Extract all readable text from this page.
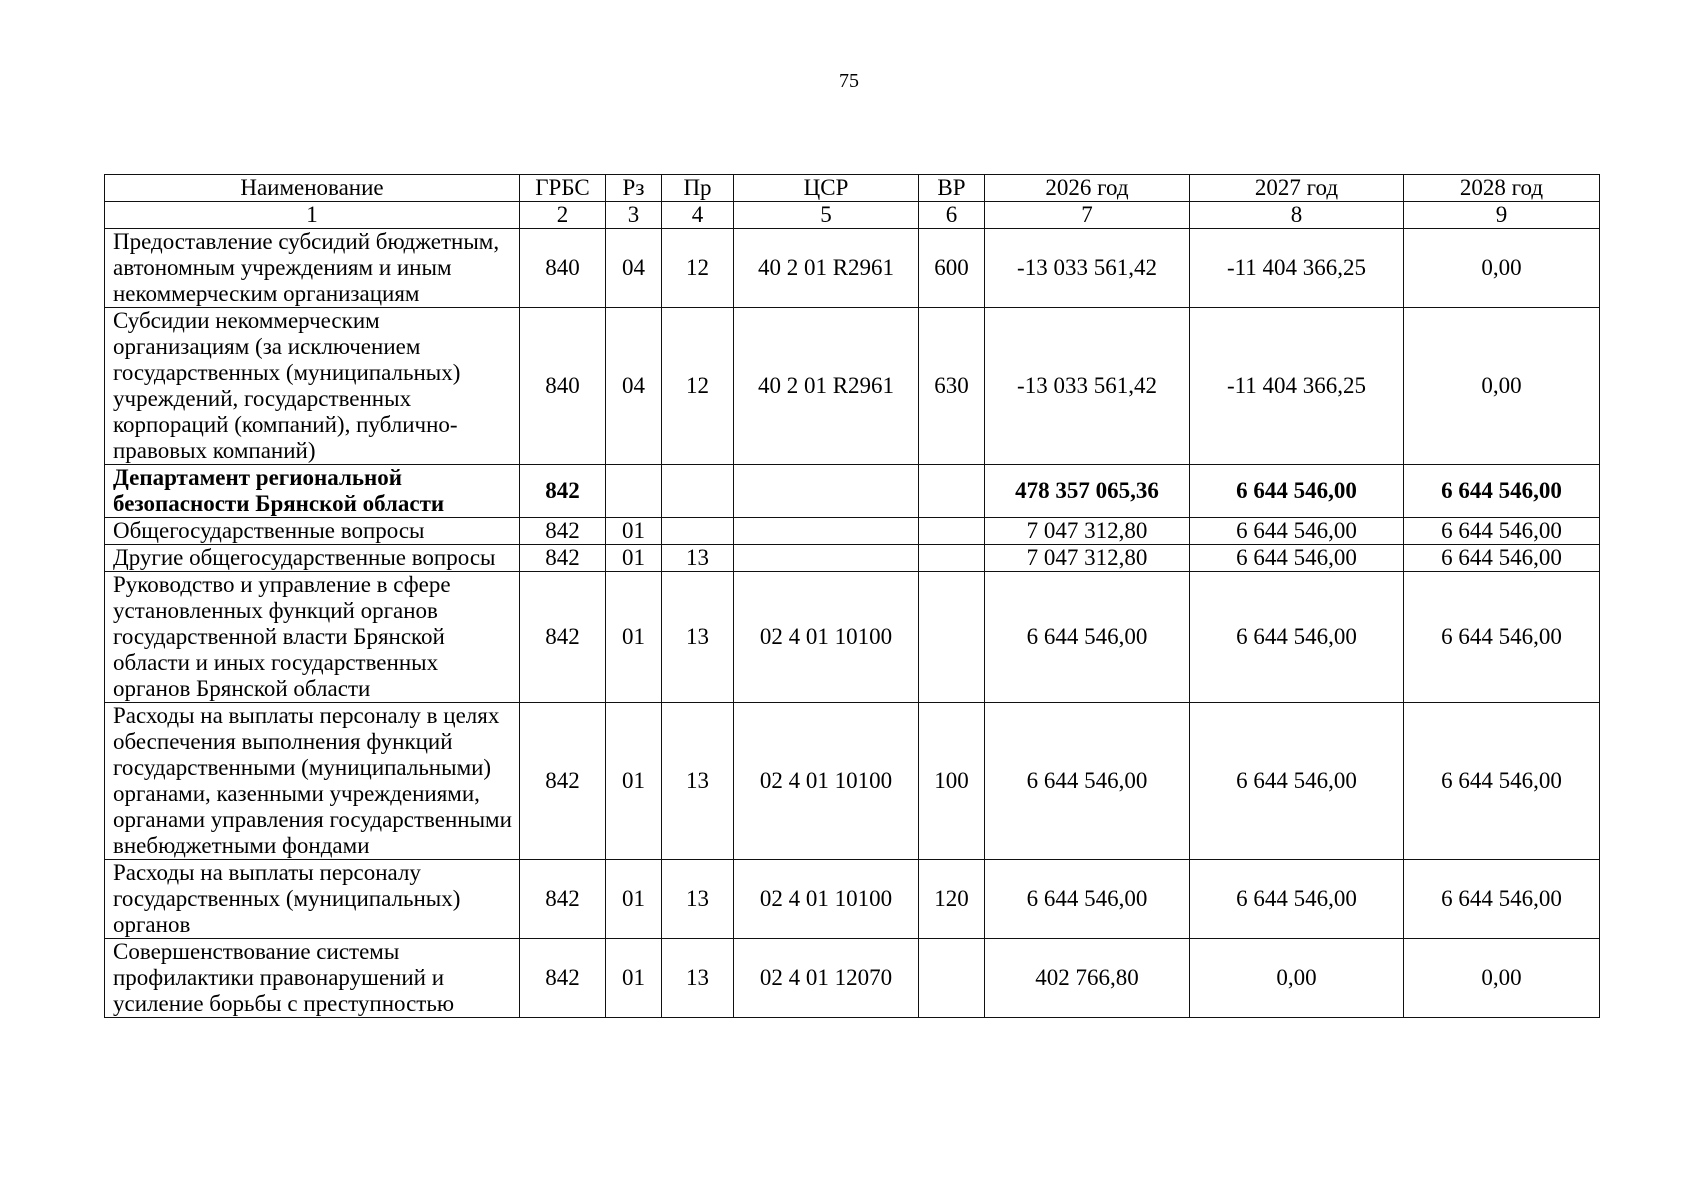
75
Наименование	ГРБС	Рз	Пр	ЦСР	ВР	2026 год	2027 год	2028 год
1	2	3	4	5	6	7	8	9
Предоставление субсидий бюджетным, автономным учреждениям и иным некоммерческим организациям	840	04	12	40 2 01 R2961	600	-13 033 561,42	-11 404 366,25	0,00
Субсидии некоммерческим организациям (за исключением государственных (муниципальных) учреждений, государственных корпораций (компаний), публично-правовых компаний)	840	04	12	40 2 01 R2961	630	-13 033 561,42	-11 404 366,25	0,00
Департамент региональной безопасности Брянской области	842					478 357 065,36	6 644 546,00	6 644 546,00
Общегосударственные вопросы	842	01				7 047 312,80	6 644 546,00	6 644 546,00
Другие общегосударственные вопросы	842	01	13			7 047 312,80	6 644 546,00	6 644 546,00
Руководство и управление в сфере установленных функций органов государственной власти Брянской области и иных государственных органов Брянской области	842	01	13	02 4 01 10100		6 644 546,00	6 644 546,00	6 644 546,00
Расходы на выплаты персоналу в целях обеспечения выполнения функций государственными (муниципальными) органами, казенными учреждениями, органами управления государственными внебюджетными фондами	842	01	13	02 4 01 10100	100	6 644 546,00	6 644 546,00	6 644 546,00
Расходы на выплаты персоналу государственных (муниципальных) органов	842	01	13	02 4 01 10100	120	6 644 546,00	6 644 546,00	6 644 546,00
Совершенствование системы профилактики правонарушений и усиление борьбы с преступностью	842	01	13	02 4 01 12070		402 766,80	0,00	0,00
